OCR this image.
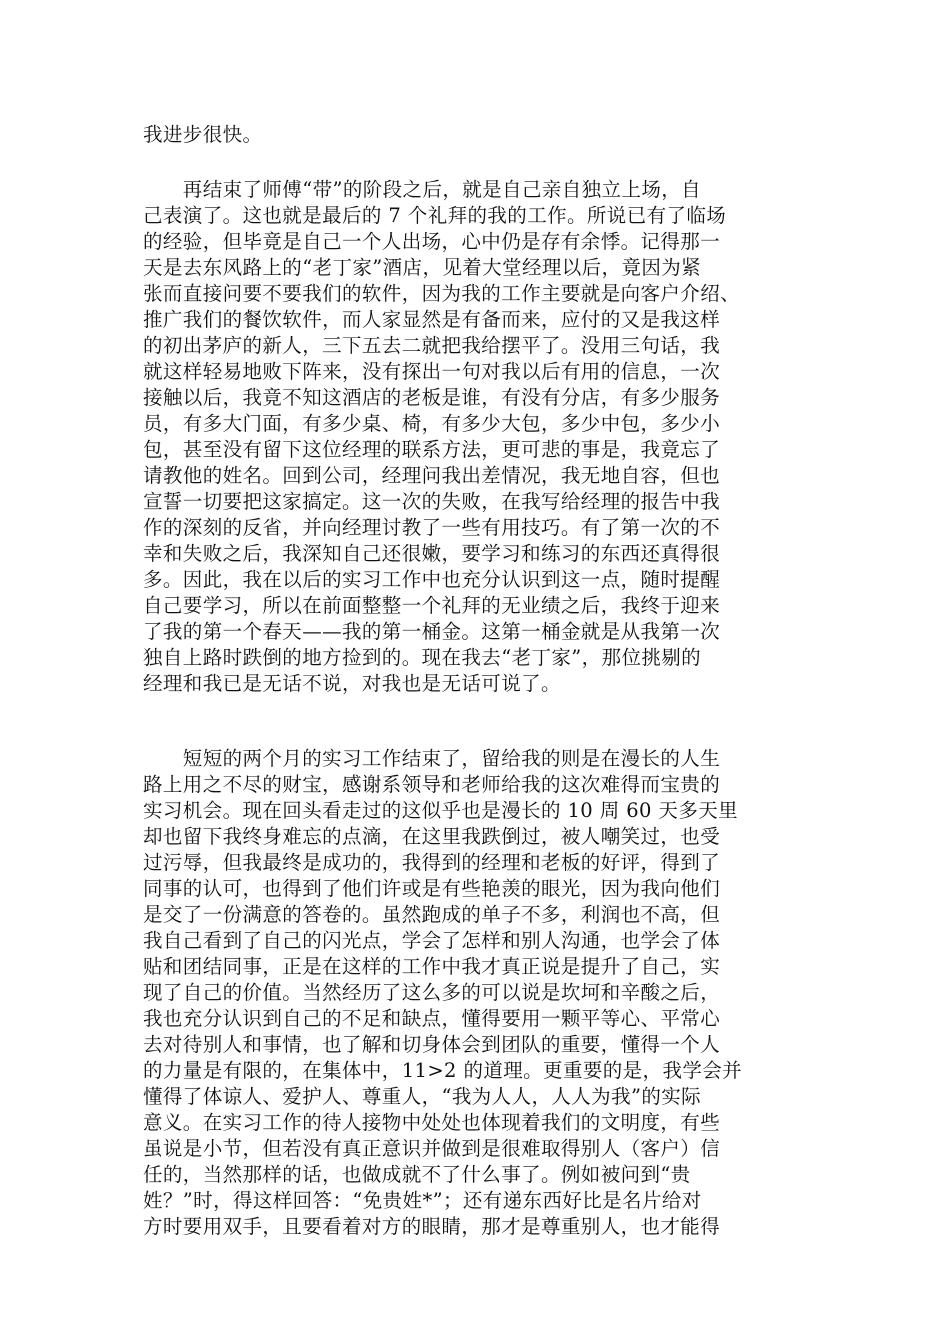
我进步很快。
　　再结束了师傅“带”的阶段之后，就是自己亲自独立上场，自
己表演了。这也就是最后的 7 个礼拜的我的工作。所说已有了临场
的经验，但毕竟是自己一个人出场，心中仍是存有余悸。记得那一
天是去东风路上的“老丁家”酒店，见着大堂经理以后，竟因为紧
张而直接问要不要我们的软件，因为我的工作主要就是向客户介绍、
推广我们的餐饮软件，而人家显然是有备而来，应付的又是我这样
的初出茅庐的新人，三下五去二就把我给摆平了。没用三句话，我
就这样轻易地败下阵来，没有探出一句对我以后有用的信息，一次
接触以后，我竟不知这酒店的老板是谁，有没有分店，有多少服务
员，有多大门面，有多少桌、椅，有多少大包，多少中包，多少小
包，甚至没有留下这位经理的联系方法，更可悲的事是，我竟忘了
请教他的姓名。回到公司，经理问我出差情况，我无地自容，但也
宣誓一切要把这家搞定。这一次的失败，在我写给经理的报告中我
作的深刻的反省，并向经理讨教了一些有用技巧。有了第一次的不
幸和失败之后，我深知自己还很嫩，要学习和练习的东西还真得很
多。因此，我在以后的实习工作中也充分认识到这一点，随时提醒
自己要学习，所以在前面整整一个礼拜的无业绩之后，我终于迎来
了我的第一个春天——我的第一桶金。这第一桶金就是从我第一次
独自上路时跌倒的地方捡到的。现在我去“老丁家”，那位挑剔的
经理和我已是无话不说，对我也是无话可说了。
　　短短的两个月的实习工作结束了，留给我的则是在漫长的人生
路上用之不尽的财宝，感谢系领导和老师给我的这次难得而宝贵的
实习机会。现在回头看走过的这似乎也是漫长的 10 周 60 天多天里
却也留下我终身难忘的点滴，在这里我跌倒过，被人嘲笑过，也受
过污辱，但我最终是成功的，我得到的经理和老板的好评，得到了
同事的认可，也得到了他们许或是有些艳羡的眼光，因为我向他们
是交了一份满意的答卷的。虽然跑成的单子不多，利润也不高，但
我自己看到了自己的闪光点，学会了怎样和别人沟通，也学会了体
贴和团结同事，正是在这样的工作中我才真正说是提升了自己，实
现了自己的价值。当然经历了这么多的可以说是坎坷和辛酸之后，
我也充分认识到自己的不足和缺点，懂得要用一颗平等心、平常心
去对待别人和事情，也了解和切身体会到团队的重要，懂得一个人
的力量是有限的，在集体中，11>2 的道理。更重要的是，我学会并
懂得了体谅人、爱护人、尊重人，“我为人人，人人为我”的实际
意义。在实习工作的待人接物中处处也体现着我们的文明度，有些
虽说是小节，但若没有真正意识并做到是很难取得别人（客户）信
任的，当然那样的话，也做成就不了什么事了。例如被问到“贵
姓？”时，得这样回答：“免贵姓*”；还有递东西好比是名片给对
方时要用双手，且要看着对方的眼睛，那才是尊重别人，也才能得
